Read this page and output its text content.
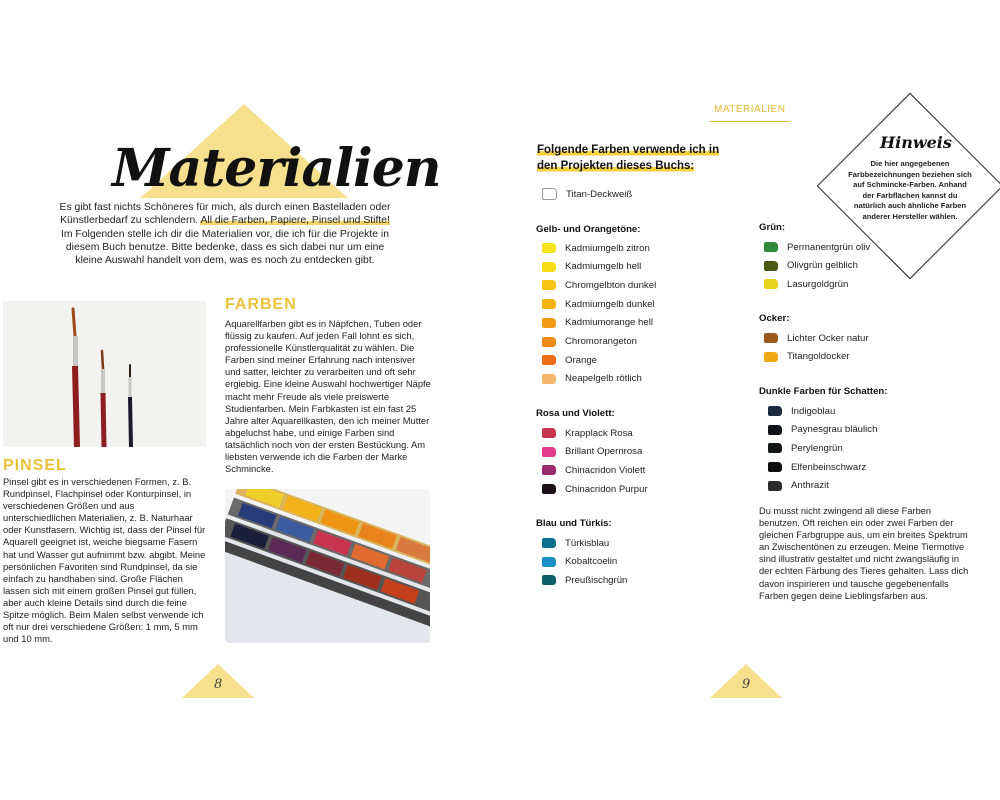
Materialien
Es gibt fast nichts Schöneres für mich, als durch einen Bastelladen oder Künstlerbedarf zu schlendern. All die Farben, Papiere, Pinsel und Stifte! Im Folgenden stelle ich dir die Materialien vor, die ich für die Projekte in diesem Buch benutze. Bitte bedenke, dass es sich dabei nur um eine kleine Auswahl handelt von dem, was es noch zu entdecken gibt.
FARBEN
Aquarellfarben gibt es in Näpfchen, Tuben oder flüssig zu kaufen. Auf jeden Fall lohnt es sich, professionelle Künstlerqualität zu wählen. Die Farben sind meiner Erfahrung nach intensiver und satter, leichter zu verarbeiten und oft sehr ergiebig. Eine kleine Auswahl hochwertiger Näpfe macht mehr Freude als viele preiswerte Studienfarben. Mein Farbkasten ist ein fast 25 Jahre alter Aquarellkasten, den ich meiner Mutter abgeluchst habe, und einige Farben sind tatsächlich noch von der ersten Bestückung. Am liebsten verwende ich die Farben der Marke Schmincke.
PINSEL
Pinsel gibt es in verschiedenen Formen, z. B. Rundpinsel, Flachpinsel oder Konturpinsel, in verschiedenen Größen und aus unterschiedlichen Materialien, z. B. Naturhaar oder Kunstfasern. Wichtig ist, dass der Pinsel für Aquarell geeignet ist, weiche biegsame Fasern hat und Wasser gut aufnimmt bzw. abgibt. Meine persönlichen Favoriten sind Rundpinsel, da sie einfach zu handhaben sind. Große Flächen lassen sich mit einem großen Pinsel gut füllen, aber auch kleine Details sind durch die feine Spitze möglich. Beim Malen selbst verwende ich oft nur drei verschiedene Größen: 1 mm, 5 mm und 10 mm.
8
MATERIALIEN
Folgende Farben verwende ich in
den Projekten dieses Buchs:
Titan-Deckweiß
Gelb- und Orangetöne:
Kadmiumgelb zitron
Kadmiumgelb hell
Chromgelbton dunkel
Kadmiumgelb dunkel
Kadmiumorange hell
Chromorangeton
Orange
Neapelgelb rötlich
Rosa und Violett:
Krapplack Rosa
Brillant Opernrosa
Chinacridon Violett
Chinacridon Purpur
Blau und Türkis:
Türkisblau
Kobaltcoelin
Preußischgrün
Grün:
Permanentgrün oliv
Olivgrün gelblich
Lasurgoldgrün
Ocker:
Lichter Ocker natur
Titangoldocker
Dunkle Farben für Schatten:
Indigoblau
Paynesgrau bläulich
Perylengrün
Elfenbeinschwarz
Anthrazit
Hinweis
Die hier angegebenen Farbbezeichnungen beziehen sich auf Schmincke-Farben. Anhand der Farbflächen kannst du natürlich auch ähnliche Farben anderer Hersteller wählen.
Du musst nicht zwingend all diese Farben benutzen. Oft reichen ein oder zwei Farben der gleichen Farbgruppe aus, um ein breites Spektrum an Zwischentönen zu erzeugen. Meine Tiermotive sind illustrativ gestaltet und nicht zwangsläufig in der echten Färbung des Tieres gehalten. Lass dich davon inspirieren und tausche gegebenenfalls Farben gegen deine Lieblingsfarben aus.
9
